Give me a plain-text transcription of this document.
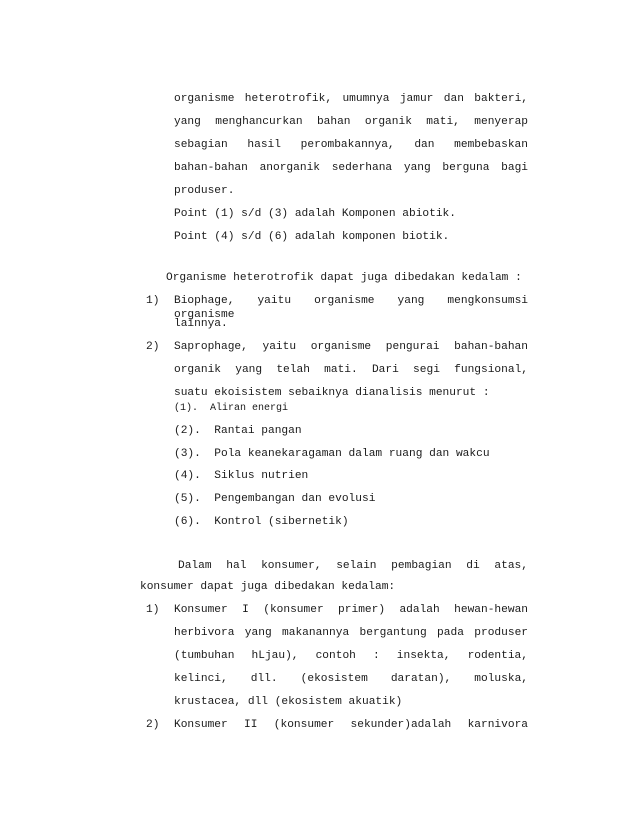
organisme heterotrofik, umumnya jamur dan bakteri,
yang menghancurkan bahan organik mati, menyerap
sebagian hasil perombakannya, dan membebaskan
bahan-bahan anorganik sederhana yang berguna bagi
produser.
Point (1) s/d (3) adalah Komponen abiotik.
Point (4) s/d (6) adalah komponen biotik.
Organisme heterotrofik dapat juga dibedakan kedalam :
1) Biophage, yaitu organisme yang mengkonsumsi organisme
lainnya.
2) Saprophage, yaitu organisme pengurai bahan-bahan
organik yang telah mati. Dari segi fungsional,
suatu ekoisistem sebaiknya dianalisis menurut :
(1).  Aliran energi
(2).  Rantai pangan
(3).  Pola keanekaragaman dalam ruang dan wakcu
(4).  Siklus nutrien
(5).  Pengembangan dan evolusi
(6).  Kontrol (sibernetik)
Dalam hal konsumer, selain pembagian di atas,
konsumer dapat juga dibedakan kedalam:
1) Konsumer I (konsumer primer) adalah hewan-hewan
herbivora yang makanannya bergantung pada produser
(tumbuhan hLjau), contoh : insekta, rodentia,
kelinci, dll. (ekosistem daratan), moluska,
krustacea, dll (ekosistem akuatik)
2) Konsumer II (konsumer sekunder)adalah karnivora
